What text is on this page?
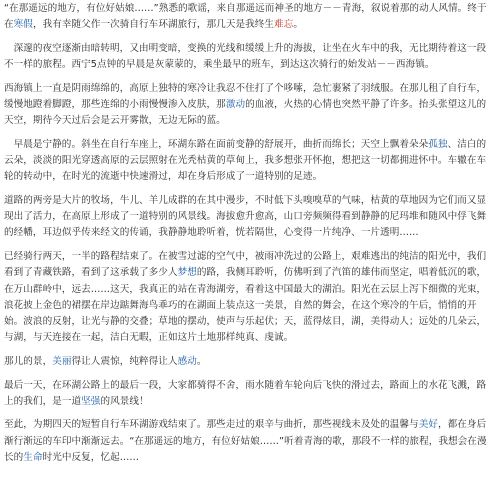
“在那遥远的地方，有位好姑娘……”熟悉的歌谣，来自那遥远而神圣的地方－－青海，叙说着那的动人风情。终于在寒假，我有幸随父作一次骑自行车环湖旅行，那几天是我终生难忘。

深邃的夜空逐渐由暗转明，又由明变暗，变换的光线和缓缓上升的海拔，让坐在火车中的我，无比期待着这一段不一样的旅程。西宁5点钟的早晨是灰蒙蒙的，乘坐最早的班车，到达这次骑行的始发站－－西海镇。

西海镇上一直是阴雨绵绵的，高原上独特的寒冷让我忍不住打了个哆嗦，急忙裹紧了羽绒服。在那儿租了自行车，缓慢地蹬着脚蹬，那些连绵的小雨慢慢渗入皮肤，那激动的血液，火热的心情也突然平静了许多。抬头张望这儿的天空，期待今天过后会是云开雾散，无边无际的蓝。

早晨是宁静的。斜坐在自行车座上，环湖东路在面前变静的舒展开，曲折而绵长；天空上飘着朵朵孤独、洁白的云朵，淡淡的阳光穿透高原的云层照射在光秃枯黄的草甸上，我多想张开怀抱，想把这一切都拥进怀中。车辙在车轮的转动中，在时光的流逝中快速滑过，却在身后形成了一道特别的足迹。

道路的两旁是大片的牧场，牛儿、羊儿成群的在其中漫步，不时低下头嗅嗅草的气味，枯黄的草地因为它们而又显现出了活力，在高原上形成了一道特别的风景线。海拔愈升愈高，山口旁频频得看到静静的尼玛堆和随风中俘飞舞的经幡，耳边似乎传来经文的传诵，我静静地聆听着，恍若隔世，心变得一片纯净、一片透明……

已经骑行两天，一半的路程结束了。在被雪过滤的空气中，被雨冲洗过的公路上，艰难逃出的纯洁的阳光中，我们看到了青藏铁路，看到了这承载了多少人梦想的路，我侧耳聆听，仿佛听到了汽笛的雄伟而坚定，唱着低沉的歌，在万山群岭中，远去……这天，我真正的站在青海湖旁，看着这中国最大的湖泊。阳光在云层上泻下细微的光束，浪花披上金色的裙摆在岸边踮舞海鸟乖巧的在湖面上装点这一美景，自然的舞会，在这个寒冷的午后，悄悄的开始。波浪的反射，让光与静的交叠；草地的摆动，使声与乐起伏；天，蓝得炫目，湖，美得动人；远处的几朵云，与湖，与天连接在一起，洁白无暇，正如这片土地那样纯真、虔诚。

那儿的景，美丽得让人震惊，纯粹得让人感动。

最后一天，在环湖公路上的最后一段，大家都骑得不舍，雨水随着车轮向后飞快的滑过去，路面上的水花飞溅，路上的我们，是一道坚强的风景线！

至此，为期四天的短暂自行车环湖游戏结束了。那些走过的艰辛与曲折，那些视线未及处的温馨与美好，都在身后渐行渐远的车印中渐渐远去。“在那遥远的地方，有位好姑娘……”听着青海的歌，那段不一样的旅程，我想会在漫长的生命时光中反复，忆起……
